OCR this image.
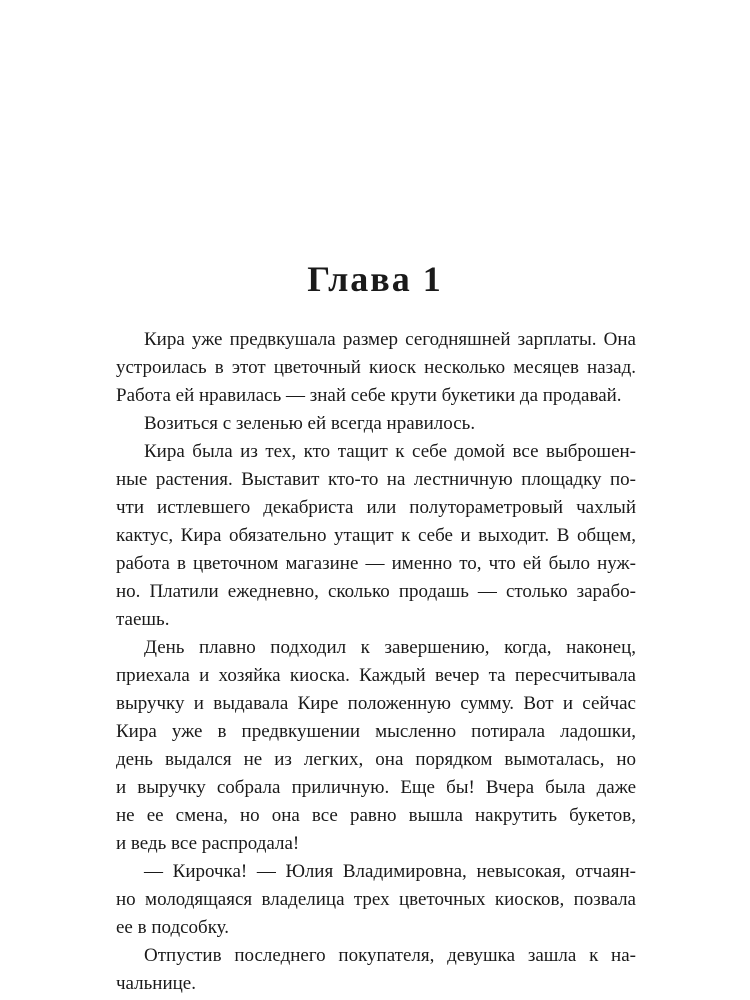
Глава 1

Кира уже предвкушала размер сегодняшней зарплаты. Она

устроилась в этот цветочный киоск несколько месяцев назад.

Работа ей нравилась — знай себе крути букетики да продавай.

Возиться с зеленью ей всегда нравилось.

Кира была из тех, кто тащит к себе домой все выброшен-

ные растения. Выставит кто-то на лестничную площадку по-

чти истлевшего декабриста или полутораметровый чахлый

кактус, Кира обязательно утащит к себе и выходит. В общем,

работа в цветочном магазине — именно то, что ей было нуж-

но. Платили ежедневно, сколько продашь — столько зарабо-

таешь.

День плавно подходил к завершению, когда, наконец,

приехала и хозяйка киоска. Каждый вечер та пересчитывала

выручку и выдавала Кире положенную сумму. Вот и сейчас

Кира уже в предвкушении мысленно потирала ладошки,

день выдался не из легких, она порядком вымоталась, но

и выручку собрала приличную. Еще бы! Вчера была даже

не ее смена, но она все равно вышла накрутить букетов,

и ведь все распродала!

— Кирочка! — Юлия Владимировна, невысокая, отчаян-

но молодящаяся владелица трех цветочных киосков, позвала

ее в подсобку.

Отпустив последнего покупателя, девушка зашла к на-

чальнице.
